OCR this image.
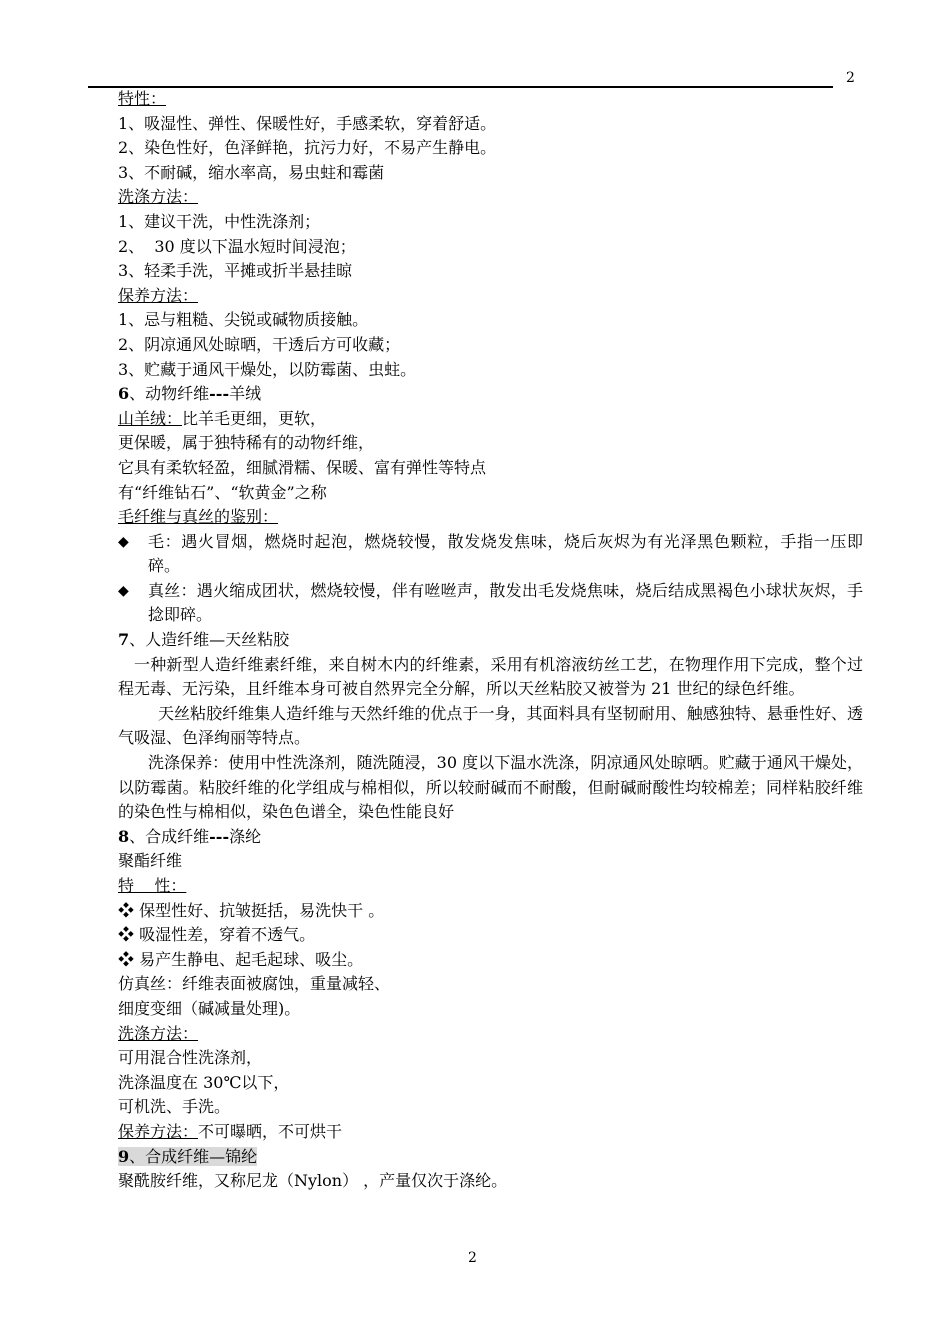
2
特性：
1、吸湿性、弹性、保暖性好，手感柔软，穿着舒适。
2、染色性好，色泽鲜艳，抗污力好，不易产生静电。
3、不耐碱，缩水率高，易虫蛀和霉菌
洗涤方法：
1、建议干洗，中性洗涤剂；
2、  30 度以下温水短时间浸泡；
3、轻柔手洗，平摊或折半悬挂晾
保养方法：
1、忌与粗糙、尖锐或碱物质接触。
2、阴凉通风处晾晒，干透后方可收藏；
3、贮藏于通风干燥处，以防霉菌、虫蛀。
6、动物纤维---羊绒
山羊绒：比羊毛更细，更软，
更保暖，属于独特稀有的动物纤维，
它具有柔软轻盈，细腻滑糯、保暖、富有弹性等特点
有“纤维钻石”、“软黄金”之称
毛纤维与真丝的鉴别：
◆	毛：遇火冒烟，燃烧时起泡，燃烧较慢，散发烧发焦味，烧后灰烬为有光泽黑色颗粒，手指一压即碎。
◆	真丝：遇火缩成团状，燃烧较慢，伴有咝咝声，散发出毛发烧焦味，烧后结成黑褐色小球状灰烬，手捻即碎。
7、人造纤维—天丝粘胶
一种新型人造纤维素纤维，来自树木内的纤维素，采用有机溶液纺丝工艺，在物理作用下完成，整个过程无毒、无污染，且纤维本身可被自然界完全分解，所以天丝粘胶又被誉为 21 世纪的绿色纤维。
天丝粘胶纤维集人造纤维与天然纤维的优点于一身，其面料具有坚韧耐用、触感独特、悬垂性好、透气吸湿、色泽绚丽等特点。
洗涤保养：使用中性洗涤剂，随洗随浸，30 度以下温水洗涤，阴凉通风处晾晒。贮藏于通风干燥处，以防霉菌。粘胶纤维的化学组成与棉相似，所以较耐碱而不耐酸，但耐碱耐酸性均较棉差；同样粘胶纤维的染色性与棉相似，染色色谱全，染色性能良好
8、合成纤维---涤纶
聚酯纤维
特    性：
❖ 保型性好、抗皱挺括，易洗快干 。
❖ 吸湿性差，穿着不透气。
❖ 易产生静电、起毛起球、吸尘。
仿真丝：纤维表面被腐蚀，重量减轻、
细度变细（碱减量处理)。
洗涤方法：
可用混合性洗涤剂，
洗涤温度在 30℃以下，
可机洗、手洗。
保养方法：不可曝晒，不可烘干
9、合成纤维—锦纶
聚酰胺纤维，又称尼龙（Nylon） ，产量仅次于涤纶。
2
